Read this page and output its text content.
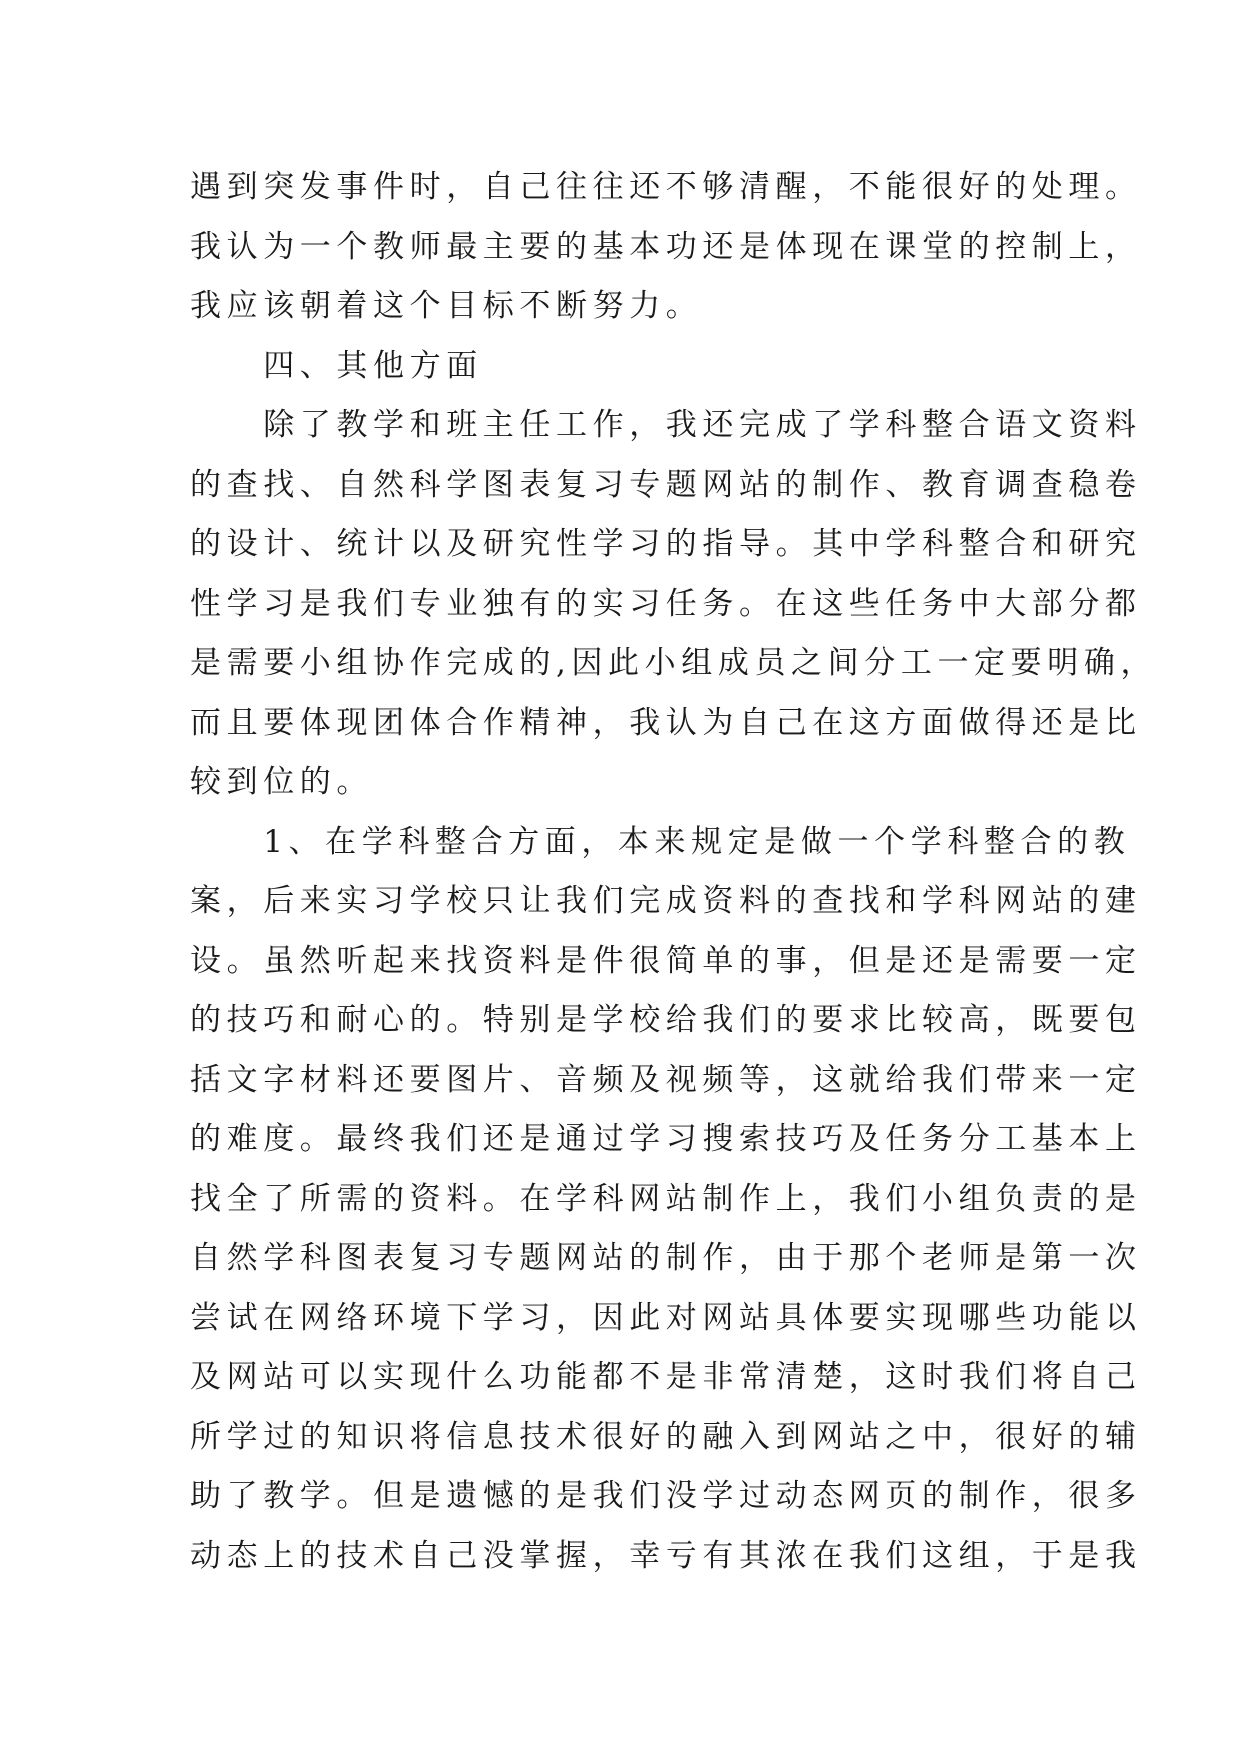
遇到突发事件时，自己往往还不够清醒，不能很好的处理。
我认为一个教师最主要的基本功还是体现在课堂的控制上，
我应该朝着这个目标不断努力。
　　四、其他方面
　　除了教学和班主任工作，我还完成了学科整合语文资料
的查找、自然科学图表复习专题网站的制作、教育调查稳卷
的设计、统计以及研究性学习的指导。其中学科整合和研究
性学习是我们专业独有的实习任务。在这些任务中大部分都
是需要小组协作完成的,因此小组成员之间分工一定要明确，
而且要体现团体合作精神，我认为自己在这方面做得还是比
较到位的。
　　1、在学科整合方面，本来规定是做一个学科整合的教
案，后来实习学校只让我们完成资料的查找和学科网站的建
设。虽然听起来找资料是件很简单的事，但是还是需要一定
的技巧和耐心的。特别是学校给我们的要求比较高，既要包
括文字材料还要图片、音频及视频等，这就给我们带来一定
的难度。最终我们还是通过学习搜索技巧及任务分工基本上
找全了所需的资料。在学科网站制作上，我们小组负责的是
自然学科图表复习专题网站的制作，由于那个老师是第一次
尝试在网络环境下学习，因此对网站具体要实现哪些功能以
及网站可以实现什么功能都不是非常清楚，这时我们将自己
所学过的知识将信息技术很好的融入到网站之中，很好的辅
助了教学。但是遗憾的是我们没学过动态网页的制作，很多
动态上的技术自己没掌握，幸亏有其浓在我们这组，于是我
